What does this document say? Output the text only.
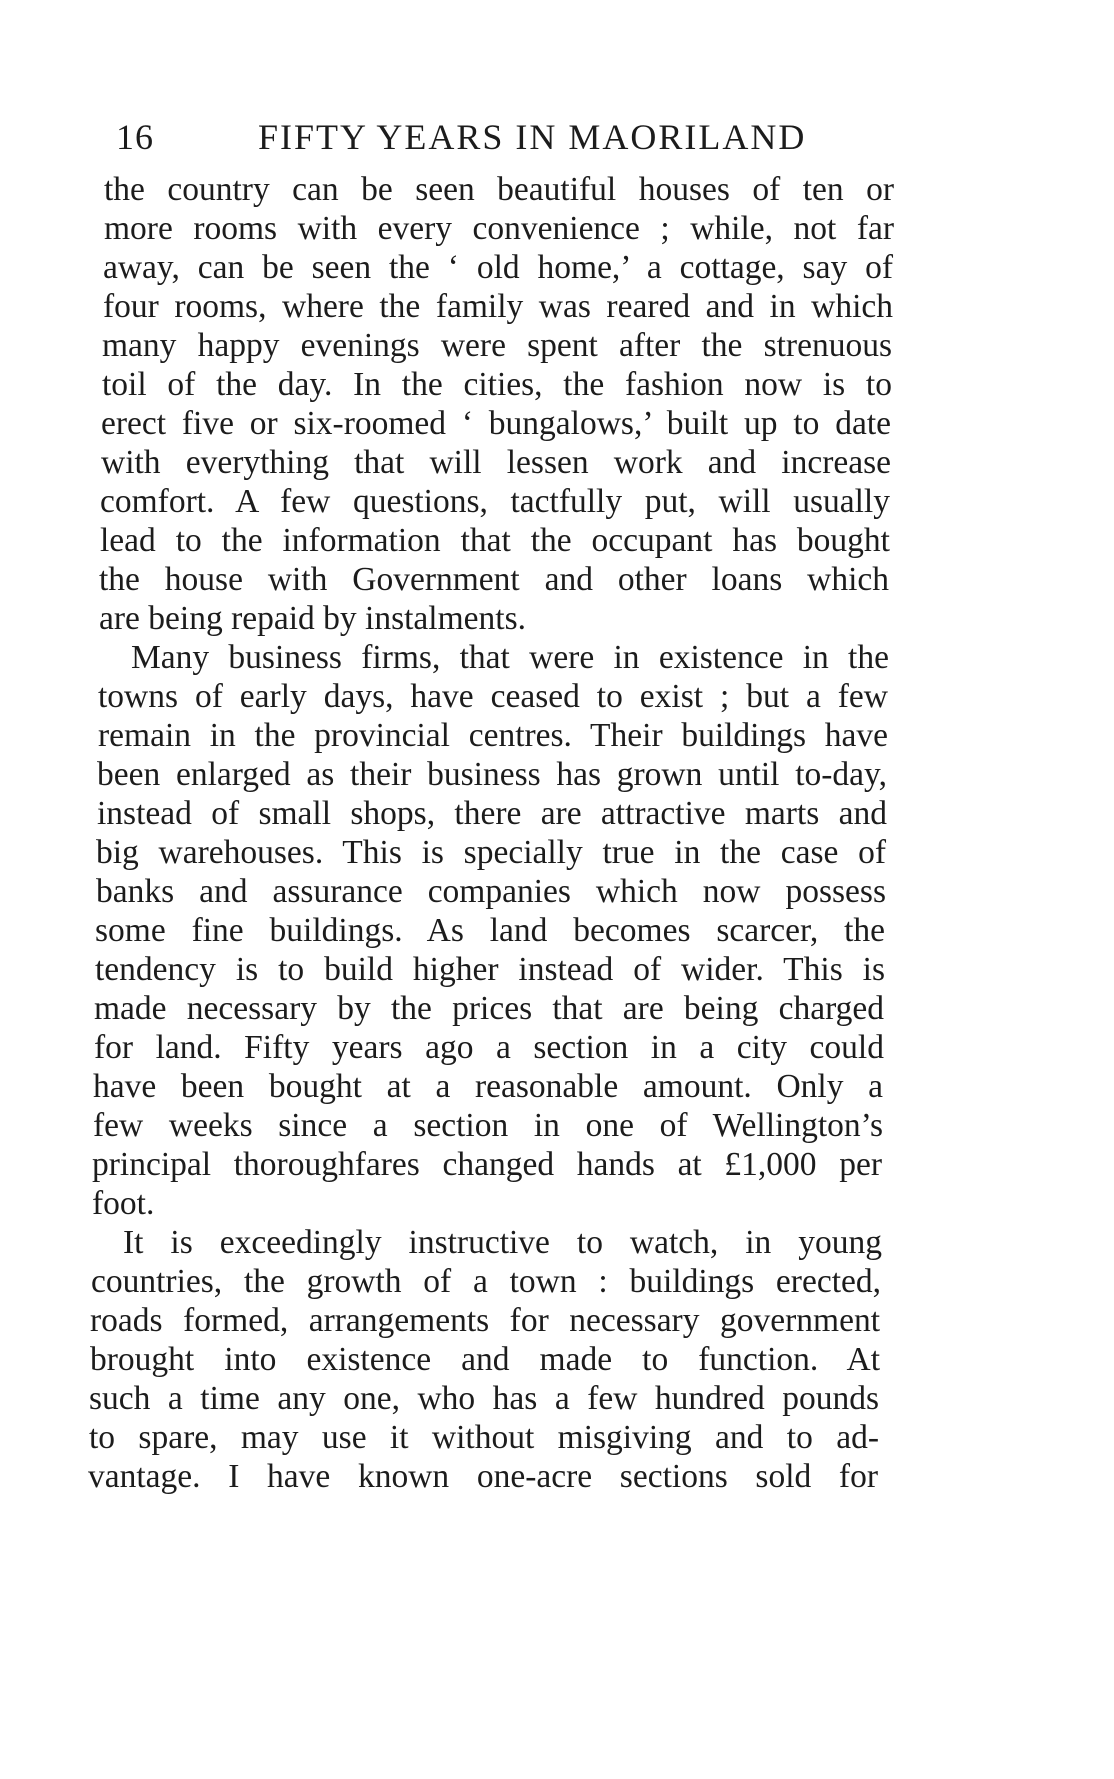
16	FIFTY YEARS IN MAORILAND
the country can be seen beautiful houses of ten or
more rooms with every convenience ; while, not far
away, can be seen the ‘ old home,’ a cottage, say of
four rooms, where the family was reared and in which
many happy evenings were spent after the strenuous
toil of the day. In the cities, the fashion now is to
erect five or six-roomed ‘ bungalows,’ built up to date
with everything that will lessen work and increase
comfort. A few questions, tactfully put, will usually
lead to the information that the occupant has bought
the house with Government and other loans which
are being repaid by instalments.
Many business firms, that were in existence in the
towns of early days, have ceased to exist ; but a few
remain in the provincial centres. Their buildings have
been enlarged as their business has grown until to-day,
instead of small shops, there are attractive marts and
big warehouses. This is specially true in the case of
banks and assurance companies which now possess
some fine buildings. As land becomes scarcer, the
tendency is to build higher instead of wider. This is
made necessary by the prices that are being charged
for land. Fifty years ago a section in a city could
have been bought at a reasonable amount. Only a
few weeks since a section in one of Wellington’s
principal thoroughfares changed hands at £1,000 per
foot.
It is exceedingly instructive to watch, in young
countries, the growth of a town : buildings erected,
roads formed, arrangements for necessary government
brought into existence and made to function. At
such a time any one, who has a few hundred pounds
to spare, may use it without misgiving and to ad-
vantage. I have known one-acre sections sold for
